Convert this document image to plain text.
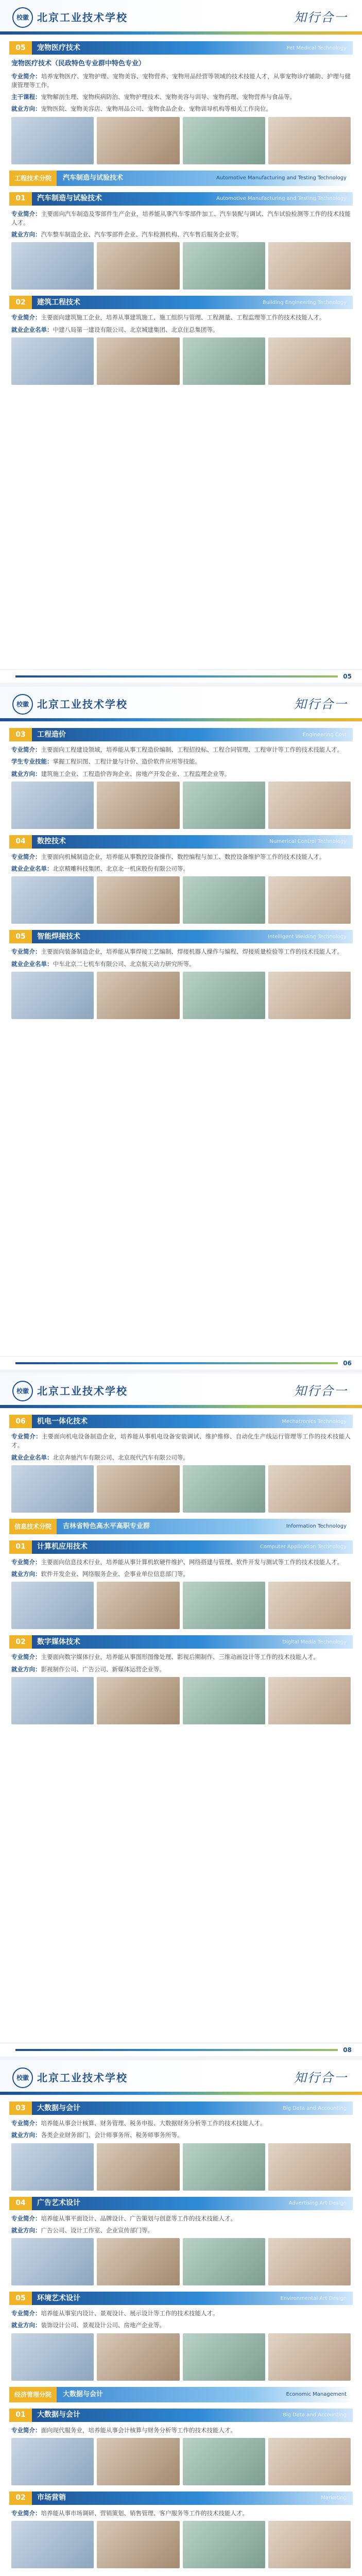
校徽 北京工业技术学校	知行合一
05	宠物医疗技术	Pet Medical Technology
宠物医疗技术（民政特色专业群中特色专业）

专业简介：培养宠物医疗、宠物护理、宠物美容、宠物营养、宠物用品经营等领域的技术技能人才，从事宠物诊疗辅助、护理与健康管理等工作。

主干课程：宠物解剖生理、宠物疾病防治、宠物护理技术、宠物美容与训导、宠物药理、宠物营养与食品等。

就业方向：宠物医院、宠物美容店、宠物用品公司、宠物食品企业、宠物训导机构等相关工作岗位。

工程技术分院	汽车制造与试验技术	Automotive Manufacturing and Testing Technology
01	汽车制造与试验技术	Automotive Manufacturing and Testing Technology

专业简介：主要面向汽车制造及零部件生产企业，培养能从事汽车零部件加工、汽车装配与调试、汽车试验检测等工作的技术技能人才。

就业方向：汽车整车制造企业、汽车零部件企业、汽车检测机构、汽车售后服务企业等。

02	建筑工程技术	Building Engineering Technology

专业简介：主要面向建筑施工企业，培养从事建筑施工、施工组织与管理、工程测量、工程监理等工作的技术技能人才。

就业企业名单：中建八局第一建设有限公司、北京城建集团、北京住总集团等。

05
校徽 北京工业技术学校	知行合一
03	工程造价	Engineering Cost

专业简介：主要面向工程建设领域，培养能从事工程造价编制、工程招投标、工程合同管理、工程审计等工作的技术技能人才。

学生专业技能：掌握工程识图、工程计量与计价、造价软件应用等技能。

就业方向：建筑施工企业、工程造价咨询企业、房地产开发企业、工程监理企业等。

04	数控技术	Numerical Control Technology

专业简介：主要面向机械制造企业，培养能从事数控设备操作、数控编程与加工、数控设备维护等工作的技术技能人才。

就业企业名单：北京精雕科技集团、北京北一机床股份有限公司等。

05	智能焊接技术	Intelligent Welding Technology

专业简介：主要面向装备制造企业，培养能从事焊接工艺编制、焊接机器人操作与编程、焊接质量检验等工作的技术技能人才。

就业企业名单：中车北京二七机车有限公司、北京航天动力研究所等。

06
校徽 北京工业技术学校	知行合一
06	机电一体化技术	Mechatronics Technology

专业简介：主要面向机电设备制造企业，培养能从事机电设备安装调试、维护维修、自动化生产线运行管理等工作的技术技能人才。

就业企业名单：北京奔驰汽车有限公司、北京现代汽车有限公司等。

信息技术分院	吉林省特色高水平高职专业群	Information Technology
01	计算机应用技术	Computer Application Technology

专业简介：主要面向信息技术行业，培养能从事计算机软硬件维护、网络搭建与管理、软件开发与测试等工作的技术技能人才。

就业方向：软件开发企业、网络服务企业、企事业单位信息部门等。

02	数字媒体技术	Digital Media Technology

专业简介：主要面向数字媒体行业，培养能从事图形图像处理、影视后期制作、三维动画设计等工作的技术技能人才。

就业方向：影视制作公司、广告公司、新媒体运营企业等。

08
校徽 北京工业技术学校	知行合一
03	大数据与会计	Big Data and Accounting

专业简介：培养能从事会计核算、财务管理、税务申报、大数据财务分析等工作的技术技能人才。

就业方向：各类企业财务部门、会计师事务所、税务师事务所等。

04	广告艺术设计	Advertising Art Design

专业简介：培养能从事平面设计、品牌设计、广告策划与创意等工作的技术技能人才。

就业方向：广告公司、设计工作室、企业宣传部门等。

05	环境艺术设计	Environmental Art Design

专业简介：培养能从事室内设计、景观设计、展示设计等工作的技术技能人才。

就业方向：装饰设计公司、景观设计公司、房地产企业等。

经济管理分院	大数据与会计	Economic Management
01	大数据与会计	Big Data and Accounting

专业简介：面向现代服务业，培养能从事会计核算与财务分析等工作的技术技能人才。

02	市场营销	Marketing

专业简介：培养能从事市场调研、营销策划、销售管理、客户服务等工作的技术技能人才。
